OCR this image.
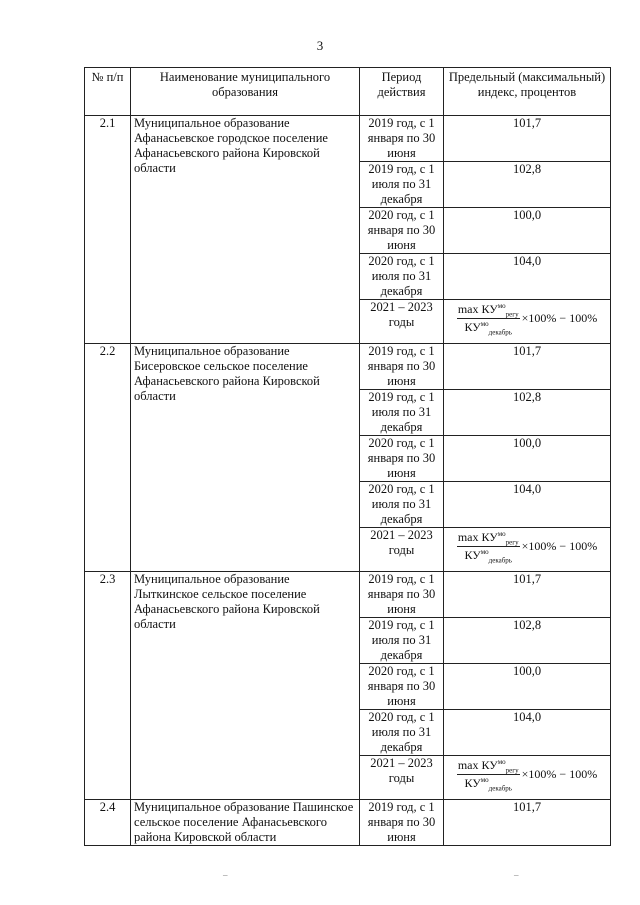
3
№ п/п	Наименование муниципального образования	Период действия	Предельный (максимальный) индекс, процентов
2.1	Муниципальное образование Афанасьевское городское поселение Афанасьевского района Кировской области	2019 год, с 1 января по 30 июня	101,7
		2019 год, с 1 июля по 31 декабря	102,8
		2020 год, с 1 января по 30 июня	100,0
		2020 год, с 1 июля по 31 декабря	104,0
		2021 – 2023 годы	$\frac{\max КУ^{мо}_{регу}}{КУ^{мо}_{декабрь}} \times 100\% - 100\%$

2.2	Муниципальное образование Бисеровское сельское поселение Афанасьевского района Кировской области	2019 год, с 1 января по 30 июня	101,7
		2019 год, с 1 июля по 31 декабря	102,8
		2020 год, с 1 января по 30 июня	100,0
		2020 год, с 1 июля по 31 декабря	104,0
		2021 – 2023 годы	$\frac{\max КУ^{мо}_{регу}}{КУ^{мо}_{декабрь}} \times 100\% - 100\%$

2.3	Муниципальное образование Лыткинское сельское поселение Афанасьевского района Кировской области	2019 год, с 1 января по 30 июня	101,7
		2019 год, с 1 июля по 31 декабря	102,8
		2020 год, с 1 января по 30 июня	100,0
		2020 год, с 1 июля по 31 декабря	104,0
		2021 – 2023 годы	$\frac{\max КУ^{мо}_{регу}}{КУ^{мо}_{декабрь}} \times 100\% - 100\%$

2.4	Муниципальное образование Пашинское сельское поселение Афанасьевского района Кировской области	2019 год, с 1 января по 30 июня	101,7
–	–
